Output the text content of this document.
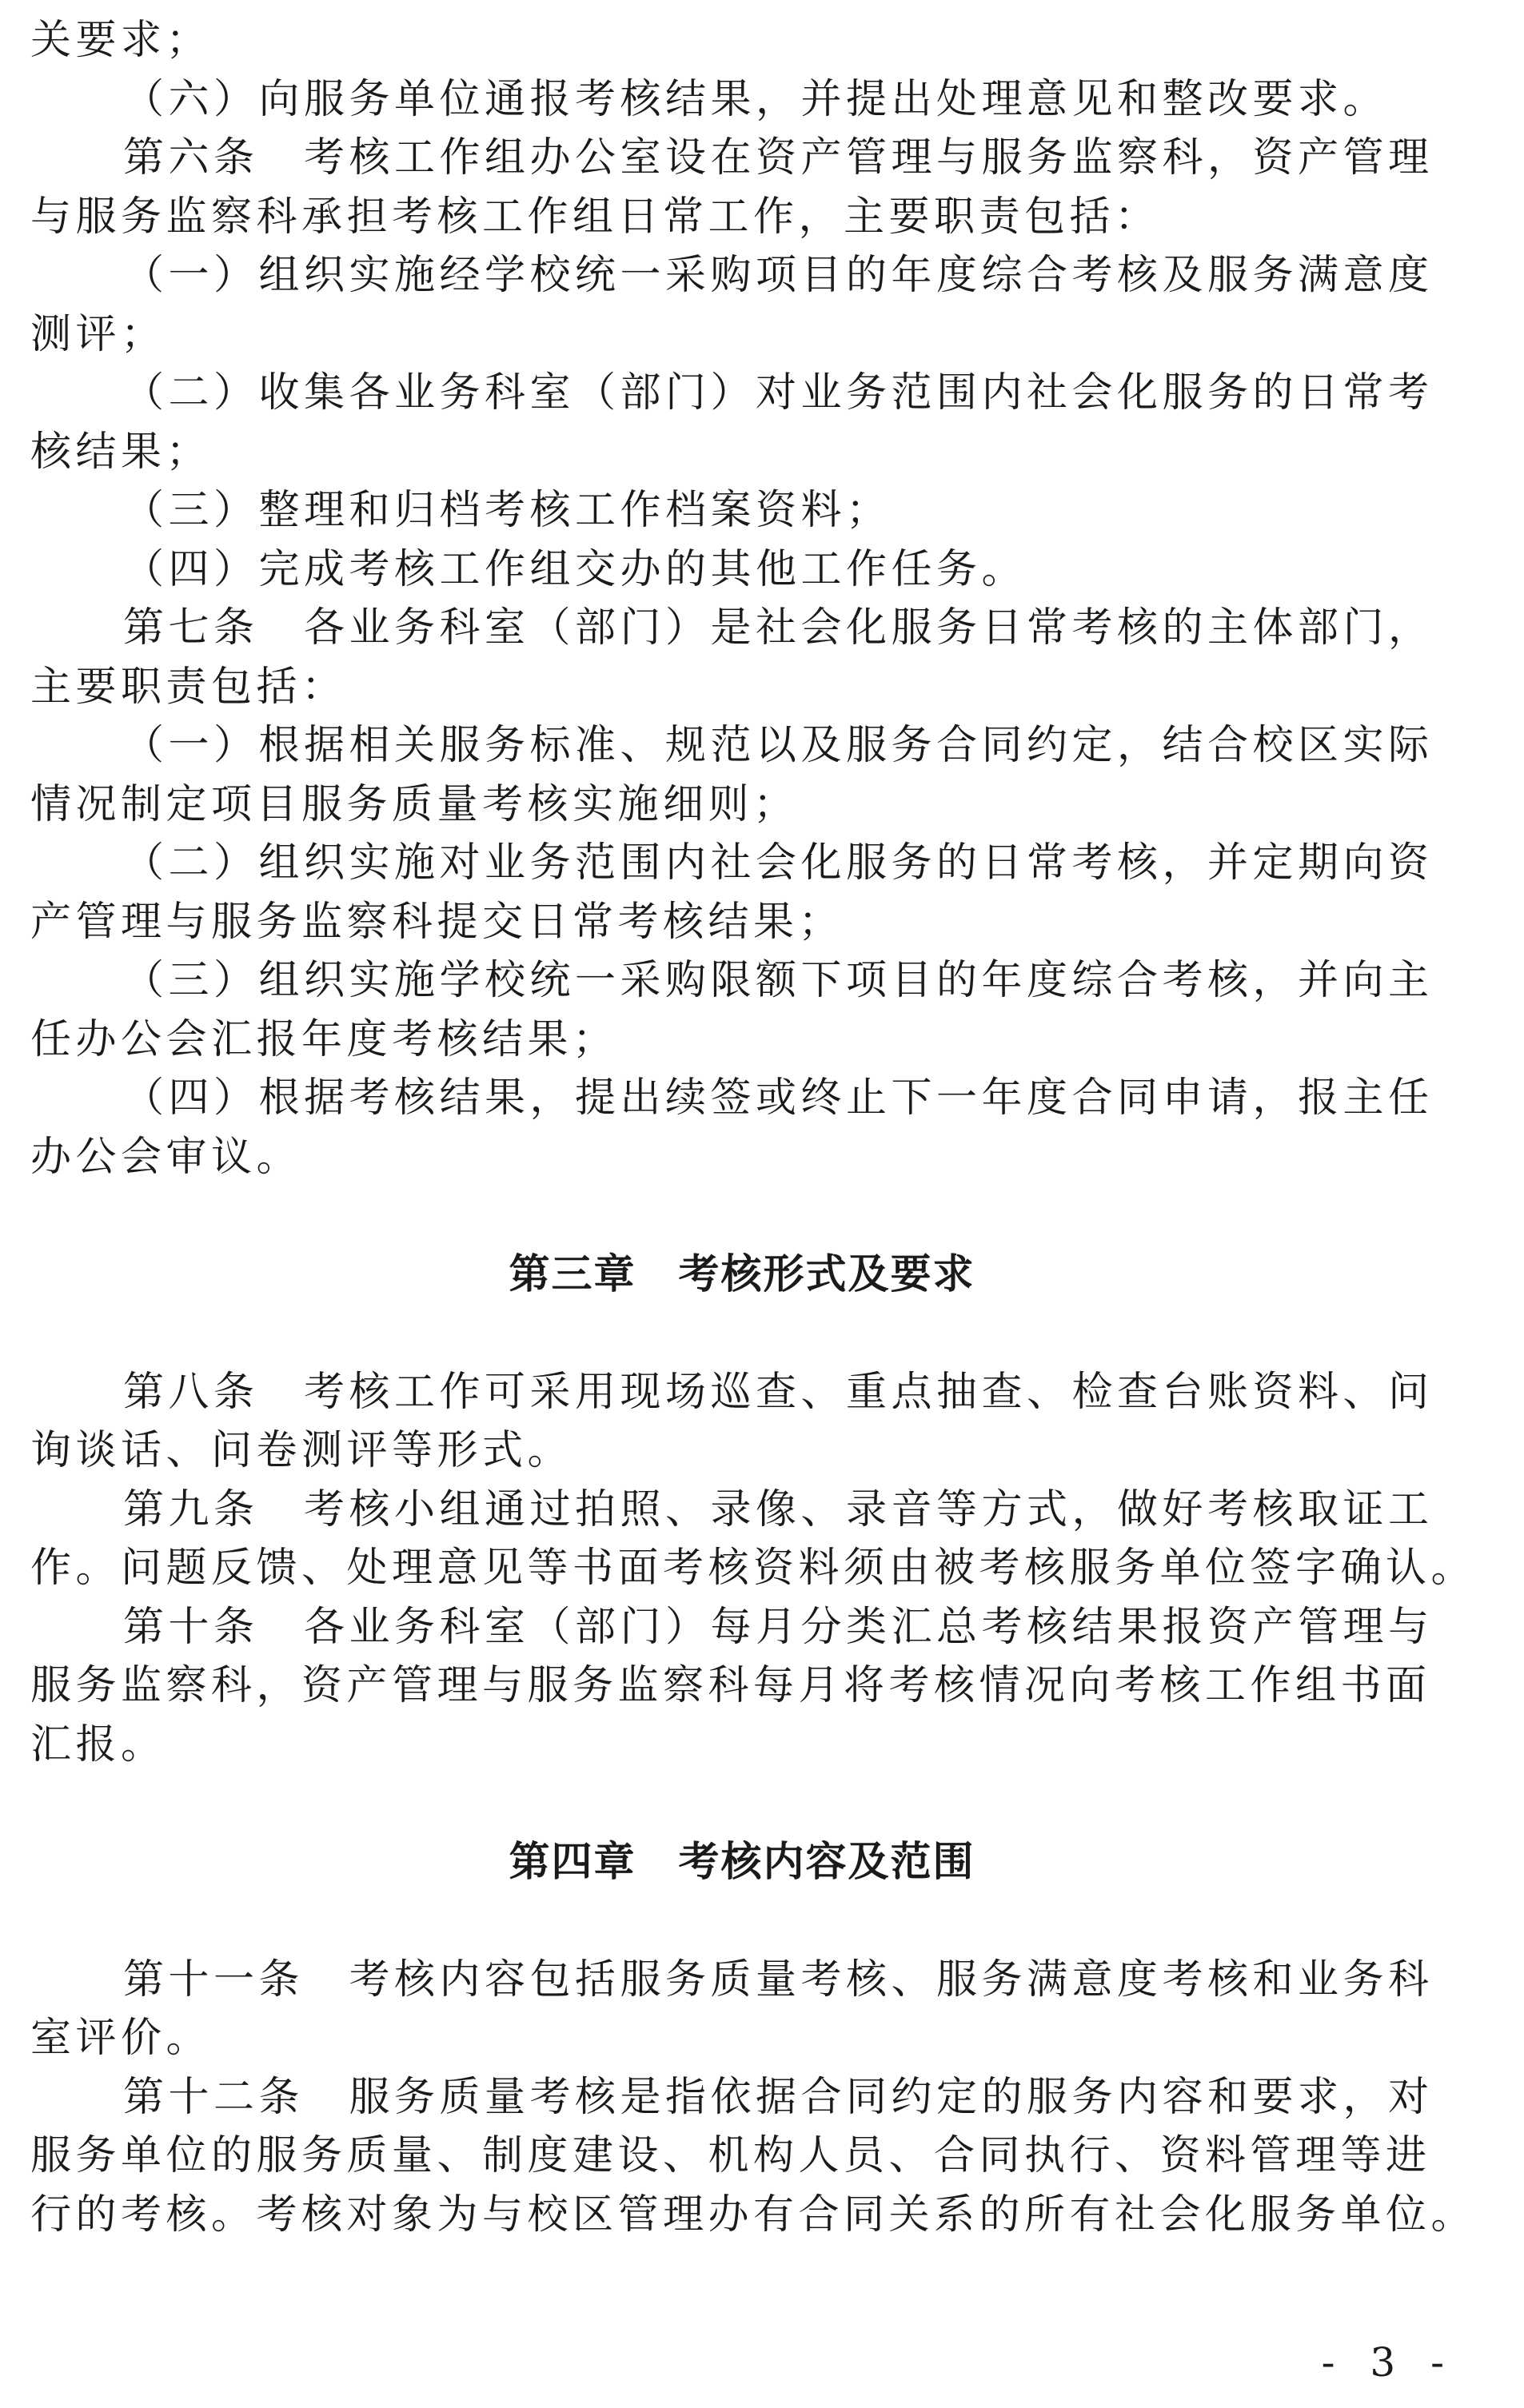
关要求；
（六）向服务单位通报考核结果，并提出处理意见和整改要求。
第六条　考核工作组办公室设在资产管理与服务监察科，资产管理
与服务监察科承担考核工作组日常工作，主要职责包括：
（一）组织实施经学校统一采购项目的年度综合考核及服务满意度
测评；
（二）收集各业务科室（部门）对业务范围内社会化服务的日常考
核结果；
（三）整理和归档考核工作档案资料；
（四）完成考核工作组交办的其他工作任务。
第七条　各业务科室（部门）是社会化服务日常考核的主体部门，
主要职责包括：
（一）根据相关服务标准、规范以及服务合同约定，结合校区实际
情况制定项目服务质量考核实施细则；
（二）组织实施对业务范围内社会化服务的日常考核，并定期向资
产管理与服务监察科提交日常考核结果；
（三）组织实施学校统一采购限额下项目的年度综合考核，并向主
任办公会汇报年度考核结果；
（四）根据考核结果，提出续签或终止下一年度合同申请，报主任
办公会审议。
第三章　考核形式及要求
第八条　考核工作可采用现场巡查、重点抽查、检查台账资料、问
询谈话、问卷测评等形式。
第九条　考核小组通过拍照、录像、录音等方式，做好考核取证工
作。问题反馈、处理意见等书面考核资料须由被考核服务单位签字确认。
第十条　各业务科室（部门）每月分类汇总考核结果报资产管理与
服务监察科，资产管理与服务监察科每月将考核情况向考核工作组书面
汇报。
第四章　考核内容及范围
第十一条　考核内容包括服务质量考核、服务满意度考核和业务科
室评价。
第十二条　服务质量考核是指依据合同约定的服务内容和要求，对
服务单位的服务质量、制度建设、机构人员、合同执行、资料管理等进
行的考核。考核对象为与校区管理办有合同关系的所有社会化服务单位。
- 3 -
